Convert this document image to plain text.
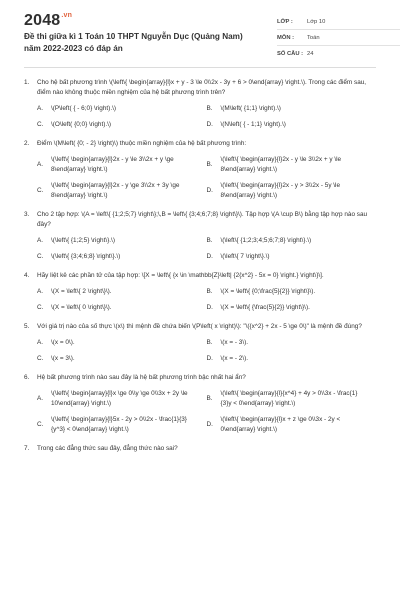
$2048^{.vn}$
Đề thi giữa kì 1 Toán 10 THPT Nguyễn Dục (Quảng Nam) năm 2022-2023 có đáp án
LỚP :	Lớp 10
MÔN :	Toán
SỐ CÂU : 24
1.	Cho hệ bất phương trình \(\left\{ \begin{array}{l}x + y - 3 \le 0\\2x - 3y + 6 > 0\end{array} \right.\). Trong các điểm sau, điểm nào không thuộc miền nghiệm của hệ bất phương trình trên?
A.	\(P\left( { - 6;0} \right).\)	B.	\(M\left( {1;1} \right).\)
C.	\(O\left( {0;0} \right).\)	D.	\(N\left( { - 1;1} \right).\)
2.	Điểm \(M\left( {0; - 2} \right)\) thuộc miền nghiệm của hệ bất phương trình:
A.
\(\left\{ \begin{array}{l}2x - y \le 3\\2x + y \ge 8\end{array} \right.\)
B.
\(\left\{ \begin{array}{l}2x - y \le 3\\2x + y \le 8\end{array} \right.\)
C.
\(\left\{ \begin{array}{l}2x - y \ge 3\\2x + 3y \ge 8\end{array} \right.\)
D.
\(\left\{ \begin{array}{l}2x - y > 3\\2x - 5y \le 8\end{array} \right.\)
3.	Cho 2 tập hợp: \(A = \left\{ {1;2;5;7} \right\};\,B = \left\{ {3;4;6;7;8} \right\}\). Tập hợp \(A \cup B\) bằng tập hợp nào sau đây?
A.	\(\left\{ {1;2;5} \right\}.\)	B.	\(\left\{ {1;2;3;4;5;6;7;8} \right\}.\)
C.	\(\left\{ {3;4;6;8} \right\}.\)	D.	\(\left\{ 7 \right\}.\)
4.	Hãy liệt kê các phần tử của tập hợp: \[X = \left\{ {x \in \mathbb{Z}\left| {2{x^2} - 5x = 0} \right.} \right\}\].
A.	\(X = \left\{ 2 \right\}\).	B.	\(X = \left\{ {0;\frac{5}{2}} \right\}\).
C.	\(X = \left\{ 0 \right\}\).	D.	\(X = \left\{ {\frac{5}{2}} \right\}\).
5.	Với giá trị nào của số thực \(x\) thì mệnh đề chứa biến \(P\left( x \right)\): "\({x^2} + 2x - 5 \ge 0\)" là mệnh đề đúng?
A.	\(x = 0\).	B.	\(x = - 3\).
C.	\(x = 3\).	D.	\(x = - 2\).
6.	Hệ bất phương trình nào sau đây là hệ bất phương trình bậc nhất hai ẩn?
A.
\(\left\{ \begin{array}{l}x \ge 0\\y \ge 0\\3x + 2y \le 10\end{array} \right.\)
B.
\(\left\{ \begin{array}{l}{x^4} + 4y > 0\\3x - \frac{1}{3}y < 0\end{array} \right.\)
C.
\(\left\{ \begin{array}{l}5x - 2y > 0\\2x - \frac{1}{3}{y^3} < 0\end{array} \right.\)
D.
\(\left\{ \begin{array}{l}x + z \ge 0\\3x - 2y < 0\end{array} \right.\)
7.	Trong các đẳng thức sau đây, đẳng thức nào sai?
